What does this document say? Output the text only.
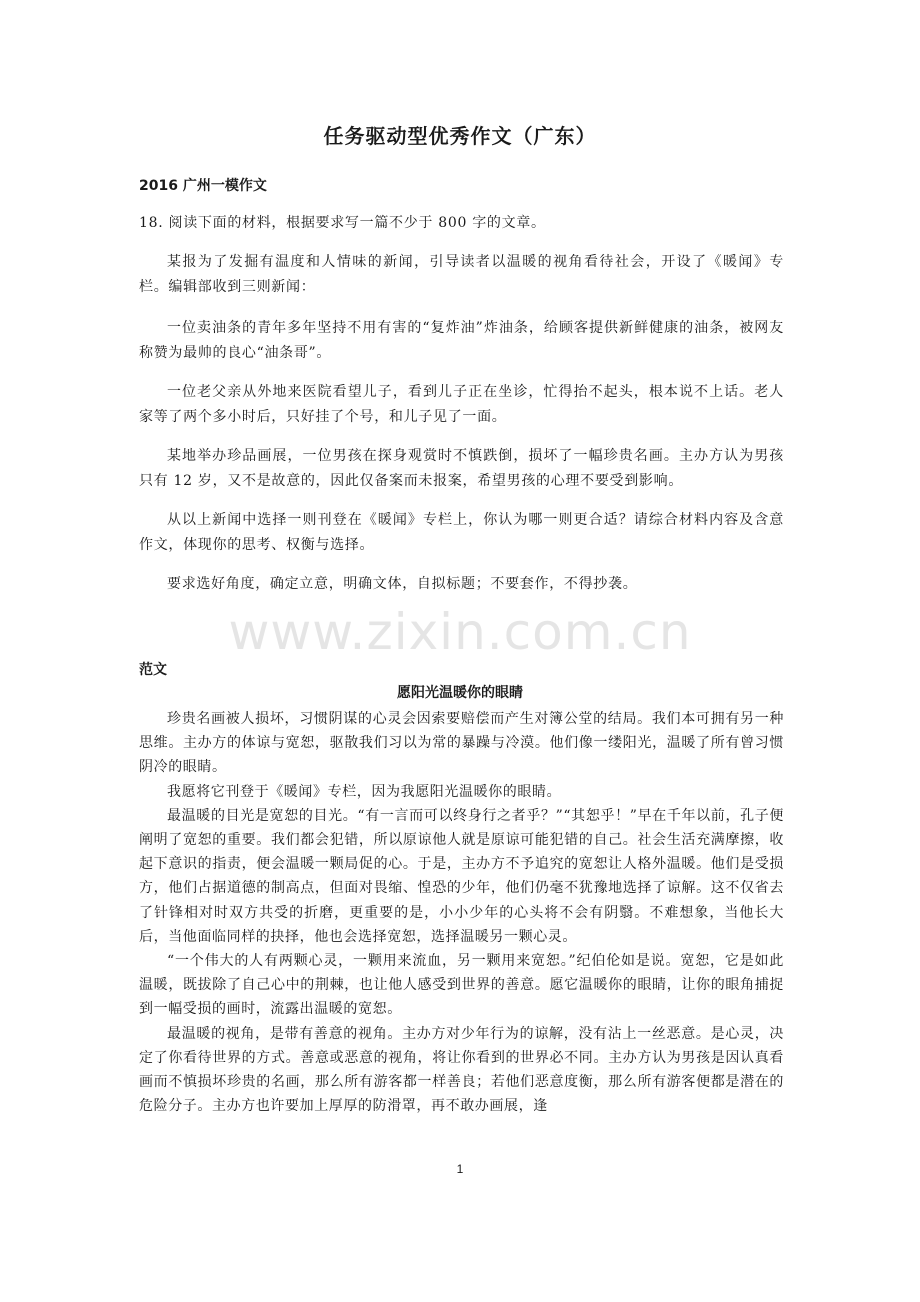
任务驱动型优秀作文（广东）
2016 广州一模作文

18. 阅读下面的材料，根据要求写一篇不少于 800 字的文章。

某报为了发掘有温度和人情味的新闻，引导读者以温暖的视角看待社会，开设了《暖闻》专栏。编辑部收到三则新闻：

一位卖油条的青年多年坚持不用有害的“复炸油”炸油条，给顾客提供新鲜健康的油条，被网友称赞为最帅的良心“油条哥”。

一位老父亲从外地来医院看望儿子，看到儿子正在坐诊，忙得抬不起头，根本说不上话。老人家等了两个多小时后，只好挂了个号，和儿子见了一面。

某地举办珍品画展，一位男孩在探身观赏时不慎跌倒，损坏了一幅珍贵名画。主办方认为男孩只有 12 岁，又不是故意的，因此仅备案而未报案，希望男孩的心理不要受到影响。

从以上新闻中选择一则刊登在《暖闻》专栏上，你认为哪一则更合适？请综合材料内容及含意作文，体现你的思考、权衡与选择。

要求选好角度，确定立意，明确文体，自拟标题；不要套作，不得抄袭。

www.zixin.com.cn
范文
愿阳光温暖你的眼睛

珍贵名画被人损坏，习惯阴谋的心灵会因索要赔偿而产生对簿公堂的结局。我们本可拥有另一种思维。主办方的体谅与宽恕，驱散我们习以为常的暴躁与冷漠。他们像一缕阳光，温暖了所有曾习惯阴冷的眼睛。

我愿将它刊登于《暖闻》专栏，因为我愿阳光温暖你的眼睛。

最温暖的目光是宽恕的目光。“有一言而可以终身行之者乎？”“其恕乎！”早在千年以前，孔子便阐明了宽恕的重要。我们都会犯错，所以原谅他人就是原谅可能犯错的自己。社会生活充满摩擦，收起下意识的指责，便会温暖一颗局促的心。于是，主办方不予追究的宽恕让人格外温暖。他们是受损方，他们占据道德的制高点，但面对畏缩、惶恐的少年，他们仍毫不犹豫地选择了谅解。这不仅省去了针锋相对时双方共受的折磨，更重要的是，小小少年的心头将不会有阴翳。不难想象，当他长大后，当他面临同样的抉择，他也会选择宽恕，选择温暖另一颗心灵。

“一个伟大的人有两颗心灵，一颗用来流血，另一颗用来宽恕。”纪伯伦如是说。宽恕，它是如此温暖，既拔除了自己心中的荆棘，也让他人感受到世界的善意。愿它温暖你的眼睛，让你的眼角捕捉到一幅受损的画时，流露出温暖的宽恕。

最温暖的视角，是带有善意的视角。主办方对少年行为的谅解，没有沾上一丝恶意。是心灵，决定了你看待世界的方式。善意或恶意的视角，将让你看到的世界必不同。主办方认为男孩是因认真看画而不慎损坏珍贵的名画，那么所有游客都一样善良；若他们恶意度衡，那么所有游客便都是潜在的危险分子。主办方也许要加上厚厚的防滑罩，再不敢办画展，逢

1
